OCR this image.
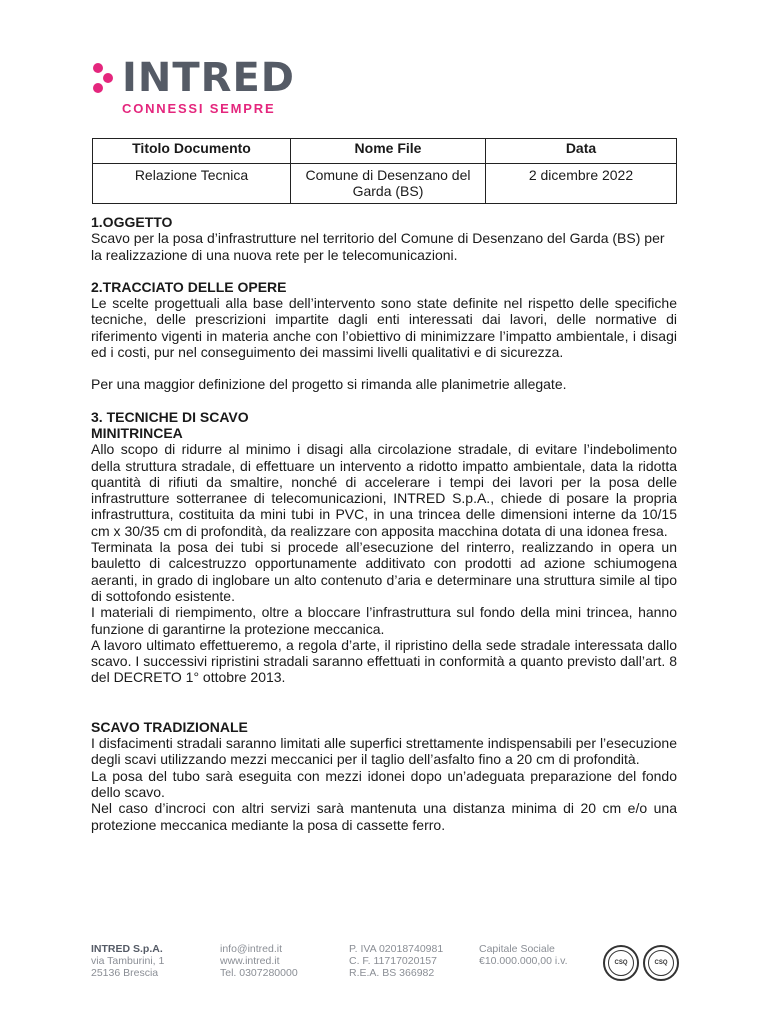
INTRED
CONNESSI SEMPRE
Titolo Documento	Nome File	Data
Relazione Tecnica	Comune di Desenzano del Garda (BS)	2 dicembre 2022

1.OGGETTO

Scavo per la posa d’infrastrutture nel territorio del Comune di Desenzano del Garda (BS) per la realizzazione di una nuova rete per le telecomunicazioni.

2.TRACCIATO DELLE OPERE

Le scelte progettuali alla base dell’intervento sono state definite nel rispetto delle specifiche tecniche, delle prescrizioni impartite dagli enti interessati dai lavori, delle normative di riferimento vigenti in materia anche con l’obiettivo di minimizzare l’impatto ambientale, i disagi ed i costi, pur nel conseguimento dei massimi livelli qualitativi e di sicurezza.

Per una maggior definizione del progetto si rimanda alle planimetrie allegate.

3. TECNICHE DI SCAVO

MINITRINCEA

Allo scopo di ridurre al minimo i disagi alla circolazione stradale, di evitare l’indebolimento della struttura stradale, di effettuare un intervento a ridotto impatto ambientale, data la ridotta quantità di rifiuti da smaltire, nonché di accelerare i tempi dei lavori per la posa delle infrastrutture sotterranee di telecomunicazioni, INTRED S.p.A., chiede di posare la propria infrastruttura, costituita da mini tubi in PVC, in una trincea delle dimensioni interne da 10/15 cm x 30/35 cm di profondità, da realizzare con apposita macchina dotata di una idonea fresa.

Terminata la posa dei tubi si procede all’esecuzione del rinterro, realizzando in opera un bauletto di calcestruzzo opportunamente additivato con prodotti ad azione schiumogena aeranti, in grado di inglobare un alto contenuto d’aria e determinare una struttura simile al tipo di sottofondo esistente.

I materiali di riempimento, oltre a bloccare l’infrastruttura sul fondo della mini trincea, hanno funzione di garantirne la protezione meccanica.

A lavoro ultimato effettueremo, a regola d’arte, il ripristino della sede stradale interessata dallo scavo. I successivi ripristini stradali saranno effettuati in conformità a quanto previsto dall’art. 8 del DECRETO 1° ottobre 2013.

SCAVO TRADIZIONALE

I disfacimenti stradali saranno limitati alle superfici strettamente indispensabili per l’esecuzione degli scavi utilizzando mezzi meccanici per il taglio dell’asfalto fino a 20 cm di profondità.

La posa del tubo sarà eseguita con mezzi idonei dopo un’adeguata preparazione del fondo dello scavo.

Nel caso d’incroci con altri servizi sarà mantenuta una distanza minima di 20 cm e/o una protezione meccanica mediante la posa di cassette ferro.

INTRED S.p.A.
via Tamburini, 1
25136 Brescia
info@intred.it
www.intred.it
Tel. 0307280000
P. IVA 02018740981
C. F. 11717020157
R.E.A. BS 366982
Capitale Sociale
€10.000.000,00 i.v.	CSQ	CSQ
